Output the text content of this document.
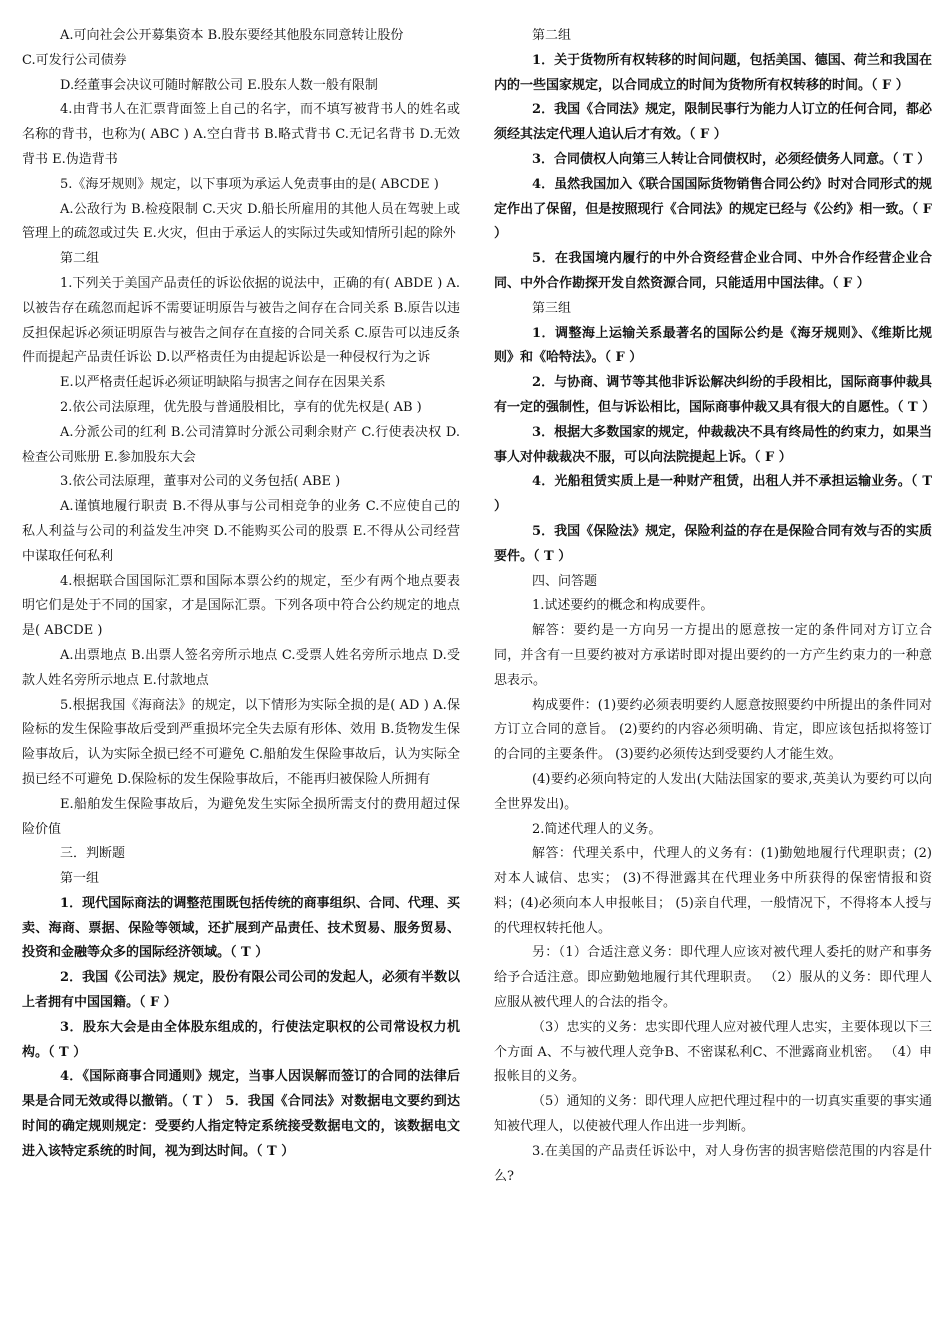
A.可向社会公开募集资本 B.股东要经其他股东同意转让股份

C.可发行公司债券

D.经董事会决议可随时解散公司 E.股东人数一般有限制

4.由背书人在汇票背面签上自己的名字，而不填写被背书人的姓名或名称的背书，也称为( ABC ) A.空白背书 B.略式背书 C.无记名背书 D.无效背书 E.伪造背书

5.《海牙规则》规定，以下事项为承运人免责事由的是( ABCDE )

A.公敌行为 B.检疫限制 C.天灾 D.船长所雇用的其他人员在驾驶上或管理上的疏忽或过失 E.火灾，但由于承运人的实际过失或知情所引起的除外

第二组

1.下列关于美国产品责任的诉讼依据的说法中，正确的有( ABDE ) A.以被告存在疏忽而起诉不需要证明原告与被告之间存在合同关系 B.原告以违反担保起诉必须证明原告与被告之间存在直接的合同关系 C.原告可以违反条件而提起产品责任诉讼 D.以严格责任为由提起诉讼是一种侵权行为之诉

E.以严格责任起诉必须证明缺陷与损害之间存在因果关系

2.依公司法原理，优先股与普通股相比，享有的优先权是( AB )

A.分派公司的红利 B.公司清算时分派公司剩余财产 C.行使表决权 D.检查公司账册 E.参加股东大会

3.依公司法原理，董事对公司的义务包括( ABE )

A.谨慎地履行职责 B.不得从事与公司相竞争的业务 C.不应使自己的私人利益与公司的利益发生冲突 D.不能购买公司的股票 E.不得从公司经营中谋取任何私利

4.根据联合国国际汇票和国际本票公约的规定，至少有两个地点要表明它们是处于不同的国家，才是国际汇票。下列各项中符合公约规定的地点是( ABCDE )

A.出票地点 B.出票人签名旁所示地点 C.受票人姓名旁所示地点 D.受款人姓名旁所示地点 E.付款地点

5.根据我国《海商法》的规定，以下情形为实际全损的是( AD ) A.保险标的发生保险事故后受到严重损坏完全失去原有形体、效用 B.货物发生保险事故后，认为实际全损已经不可避免 C.船舶发生保险事故后，认为实际全损已经不可避免 D.保险标的发生保险事故后，不能再归被保险人所拥有

E.船舶发生保险事故后，为避免发生实际全损所需支付的费用超过保险价值

三．判断题

第一组

1．现代国际商法的调整范围既包括传统的商事组织、合同、代理、买卖、海商、票据、保险等领域，还扩展到产品责任、技术贸易、服务贸易、投资和金融等众多的国际经济领域。（ T ）

2．我国《公司法》规定，股份有限公司公司的发起人，必须有半数以上者拥有中国国籍。（ F ）

3．股东大会是由全体股东组成的，行使法定职权的公司常设权力机构。（ T ）

4．《国际商事合同通则》规定，当事人因误解而签订的合同的法律后果是合同无效或得以撤销。（ T ） 5．我国《合同法》对数据电文要约到达时间的确定规则规定：受要约人指定特定系统接受数据电文的，该数据电文进入该特定系统的时间，视为到达时间。（ T ）

第二组

1．关于货物所有权转移的时间问题，包括美国、德国、荷兰和我国在内的一些国家规定，以合同成立的时间为货物所有权转移的时间。（ F ）

2．我国《合同法》规定，限制民事行为能力人订立的任何合同，都必须经其法定代理人追认后才有效。（ F ）

3．合同债权人向第三人转让合同债权时，必须经债务人同意。（ T ）

4．虽然我国加入《联合国国际货物销售合同公约》时对合同形式的规定作出了保留，但是按照现行《合同法》的规定已经与《公约》相一致。（ F ）

5．在我国境内履行的中外合资经营企业合同、中外合作经营企业合同、中外合作勘探开发自然资源合同，只能适用中国法律。（ F ）

第三组

1．调整海上运输关系最著名的国际公约是《海牙规则》、《维斯比规则》和《哈特法》。（ F ）

2．与协商、调节等其他非诉讼解决纠纷的手段相比，国际商事仲裁具有一定的强制性，但与诉讼相比，国际商事仲裁又具有很大的自愿性。（ T ）

3．根据大多数国家的规定，仲裁裁决不具有终局性的约束力，如果当事人对仲裁裁决不服，可以向法院提起上诉。（ F ）

4．光船租赁实质上是一种财产租赁，出租人并不承担运输业务。（ T ）

5．我国《保险法》规定，保险利益的存在是保险合同有效与否的实质要件。（ T ）

四、问答题

1.试述要约的概念和构成要件。

解答：要约是一方向另一方提出的愿意按一定的条件同对方订立合同，并含有一旦要约被对方承诺时即对提出要约的一方产生约束力的一种意思表示。

构成要件：(1)要约必须表明要约人愿意按照要约中所提出的条件同对方订立合同的意旨。 (2)要约的内容必须明确、肯定，即应该包括拟将签订的合同的主要条件。 (3)要约必须传达到受要约人才能生效。

(4)要约必须向特定的人发出(大陆法国家的要求,英美认为要约可以向全世界发出)。

2.简述代理人的义务。

解答：代理关系中，代理人的义务有：(1)勤勉地履行代理职责；(2)对本人诚信、忠实； (3)不得泄露其在代理业务中所获得的保密情报和资料；(4)必须向本人申报帐目； (5)亲自代理，一般情况下，不得将本人授与的代理权转托他人。

另：（1）合适注意义务：即代理人应该对被代理人委托的财产和事务给予合适注意。即应勤勉地履行其代理职责。 （2）服从的义务：即代理人应服从被代理人的合法的指令。

（3）忠实的义务：忠实即代理人应对被代理人忠实，主要体现以下三个方面 A、不与被代理人竞争B、不密谋私利C、不泄露商业机密。 （4）申报帐目的义务。

（5）通知的义务：即代理人应把代理过程中的一切真实重要的事实通知被代理人，以使被代理人作出进一步判断。

3.在美国的产品责任诉讼中，对人身伤害的损害赔偿范围的内容是什么?
